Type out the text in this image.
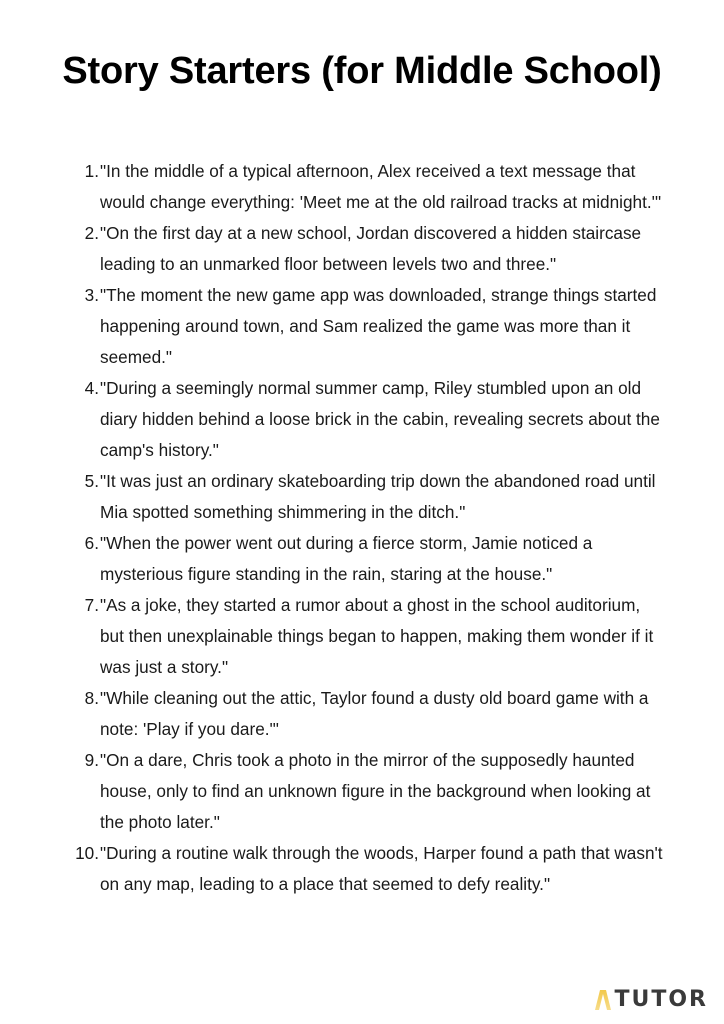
Story Starters (for Middle School)
1. "In the middle of a typical afternoon, Alex received a text message that would change everything: 'Meet me at the old railroad tracks at midnight.'"
2. "On the first day at a new school, Jordan discovered a hidden staircase leading to an unmarked floor between levels two and three."
3. "The moment the new game app was downloaded, strange things started happening around town, and Sam realized the game was more than it seemed."
4. "During a seemingly normal summer camp, Riley stumbled upon an old diary hidden behind a loose brick in the cabin, revealing secrets about the camp's history."
5. "It was just an ordinary skateboarding trip down the abandoned road until Mia spotted something shimmering in the ditch."
6. "When the power went out during a fierce storm, Jamie noticed a mysterious figure standing in the rain, staring at the house."
7. "As a joke, they started a rumor about a ghost in the school auditorium, but then unexplainable things began to happen, making them wonder if it was just a story."
8. "While cleaning out the attic, Taylor found a dusty old board game with a note: 'Play if you dare.'"
9. "On a dare, Chris took a photo in the mirror of the supposedly haunted house, only to find an unknown figure in the background when looking at the photo later."
10. "During a routine walk through the woods, Harper found a path that wasn't on any map, leading to a place that seemed to defy reality."
TUTOR
